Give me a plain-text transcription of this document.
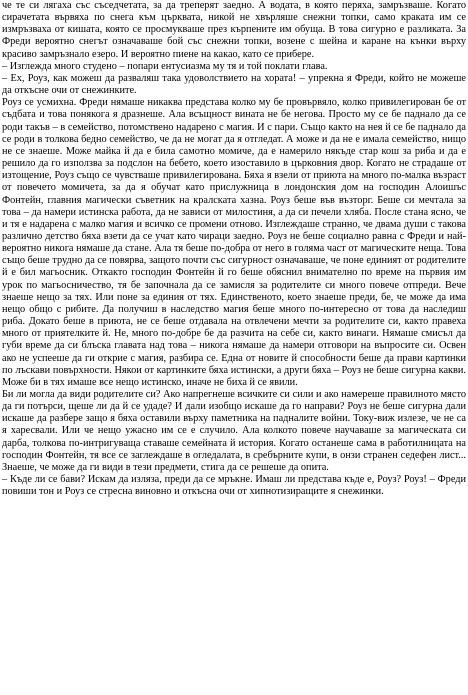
че те си лягаха със съседчетата, за да треперят заедно. А водата, в която перяха, замръзваше. Когато сирачетата вървяха по снега към църквата, никой не хвърляше снежни топки, само краката им се измръзваха от кишата, която се просмукваше през кърпените им обуща. В това сигурно е разликата. За Фреди вероятно снегът означаваше бой със снежни топки, возене с шейна и каране на кънки върху красиво замръзнало езеро. И вероятно пиене на какао, като се прибере.

– Изглежда много студено – попари ентусиазма му тя и той поклати глава.

– Ех, Роуз, как можеш да разваляш така удоволствието на хората! – упрекна я Фреди, който не можеше да откъсне очи от снежинките.

Роуз се усмихна. Фреди нямаше никаква представа колко му бе провървяло, колко привилегирован бе от съдбата и това понякога я дразнеше. Ала всъщност вината не бе негова. Просто му се бе паднало да се роди такъв – в семейство, потомствено надарено с магия. И с пари. Също както на нея й се бе паднало да се роди в толкова бедно семейство, че да не могат да я отгледат. А може и да не е имала семейство, нищо не се знаеше. Може майка й да е била самотно момиче, да е намерило някъде стар кош за риба и да е решило да го използва за подслон на бебето, което изоставило в църковния двор. Когато не страдаше от изтощение, Роуз също се чувстваше привилегирована. Бяха я взели от приюта на много по-малка възраст от повечето момичета, за да я обучат като прислужница в лондонския дом на господин Алоишъс Фонтейн, главния магически съветник на кралската хазна. Роуз беше във възторг. Беше си мечтала за това – да намери истинска работа, да не зависи от милостиня, а да си печели хляба. После стана ясно, че и тя е надарена с малко магия и всичко се промени отново. Изглеждаше странно, че двама души с такова различно детство бяха взети да се учат като чираци заедно. Роуз не беше социално равна с Фреди и най-вероятно никога нямаше да стане. Ала тя беше по-добра от него в голяма част от магическите неща. Това също беше трудно да се повярва, защото почти със сигурност означаваше, че поне единият от родителите й е бил магьосник. Откакто господин Фонтейн й го беше обяснил внимателно по време на първия им урок по магьосничество, тя бе започнала да се замисля за родителите си много повече отпреди. Вече знаеше нещо за тях. Или поне за единия от тях. Единственото, което знаеше преди, бе, че може да има нещо общо с рибите. Да получиш в наследство магия беше много по-интересно от това да наследиш риба. Докато беше в приюта, не се беше отдавала на отвлечени мечти за родителите си, както правеха много от приятелките й. Не, много по-добре бе да разчита на себе си, както винаги. Нямаше смисъл да губи време да си блъска главата над това – никога нямаше да намери отговори на въпросите си. Освен ако не успееше да ги открие с магия, разбира се. Една от новите й способности беше да прави картинки по лъскави повърхности. Някои от картинките бяха истински, а други бяха – Роуз не беше сигурна какви. Може би в тях имаше все нещо истинско, иначе не биха й се явили.

Би ли могла да види родителите си? Ако напрегнеше всичките си сили и ако намереше правилното място да ги потърси, щеше ли да й се удаде? И дали изобщо искаше да го направи? Роуз не беше сигурна дали искаше да разбере защо я бяха оставили върху паметника на падналите войни. Току-виж излезе, че не са я харесвали. Или че нещо ужасно им се е случило. Ала колкото повече научаваше за магическата си дарба, толкова по-интригуваща ставаше семейната й история. Когато останеше сама в работилницата на господин Фонтейн, тя все се заглеждаше в огледалата, в сребърните купи, в онзи странен седефен лист... Знаеше, че може да ги види в тези предмети, стига да се решеше да опита.

– Къде ли се бави? Искам да изляза, преди да се мръкне. Имаш ли представа къде е, Роуз? Роуз! – Фреди повиши тон и Роуз се стресна виновно и откъсна очи от хипнотизиращите я снежинки.
